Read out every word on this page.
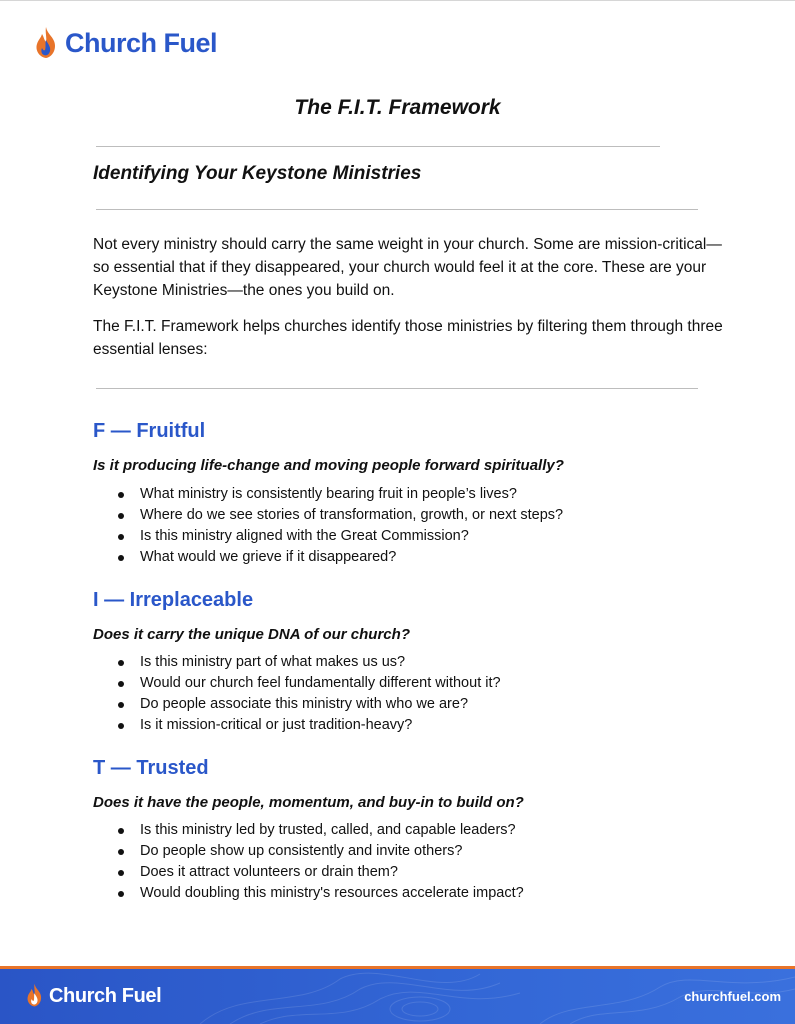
Church Fuel
The F.I.T. Framework
Identifying Your Keystone Ministries

Not every ministry should carry the same weight in your church. Some are mission-critical—so essential that if they disappeared, your church would feel it at the core. These are your Keystone Ministries—the ones you build on.

The F.I.T. Framework helps churches identify those ministries by filtering them through three essential lenses:

F — Fruitful

Is it producing life-change and moving people forward spiritually?

What ministry is consistently bearing fruit in people’s lives?
Where do we see stories of transformation, growth, or next steps?
Is this ministry aligned with the Great Commission?
What would we grieve if it disappeared?
I — Irreplaceable

Does it carry the unique DNA of our church?

Is this ministry part of what makes us us?
Would our church feel fundamentally different without it?
Do people associate this ministry with who we are?
Is it mission-critical or just tradition-heavy?
T — Trusted

Does it have the people, momentum, and buy-in to build on?

Is this ministry led by trusted, called, and capable leaders?
Do people show up consistently and invite others?
Does it attract volunteers or drain them?
Would doubling this ministry's resources accelerate impact?
Church Fuel	churchfuel.com
